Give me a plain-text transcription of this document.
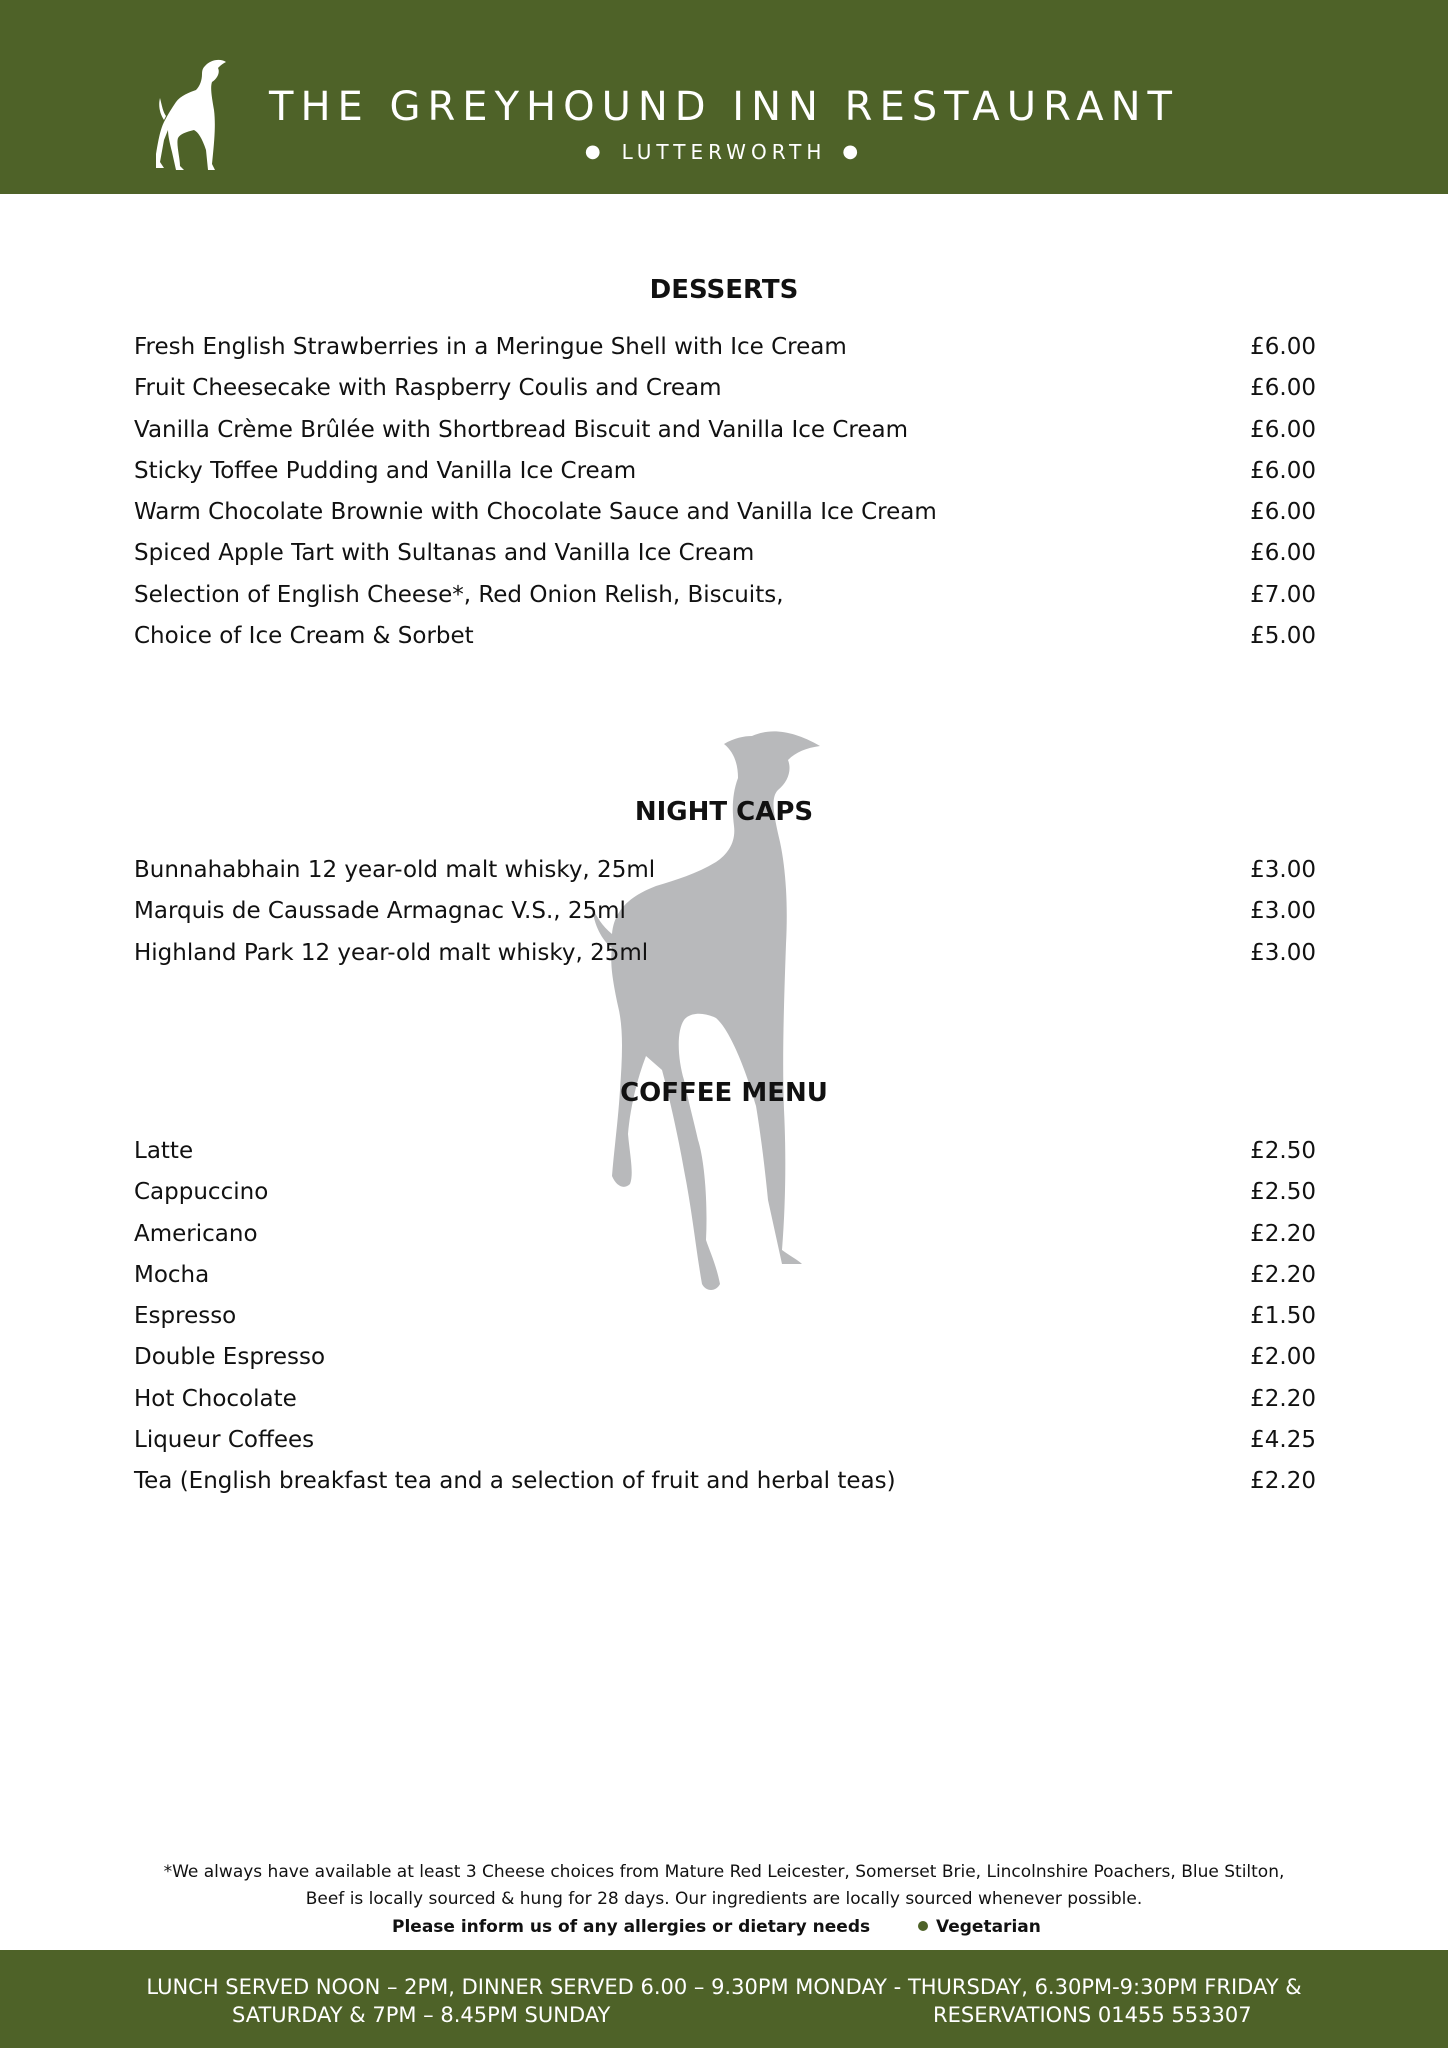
THE GREYHOUND INN RESTAURANT
● LUTTERWORTH ●
DESSERTS
Fresh English Strawberries in a Meringue Shell with Ice Cream	£6.00
Fruit Cheesecake with Raspberry Coulis and Cream	£6.00
Vanilla Crème Brûlée with Shortbread Biscuit and Vanilla Ice Cream	£6.00
Sticky Toffee Pudding and Vanilla Ice Cream	£6.00
Warm Chocolate Brownie with Chocolate Sauce and Vanilla Ice Cream	£6.00
Spiced Apple Tart with Sultanas and Vanilla Ice Cream	£6.00
Selection of English Cheese*, Red Onion Relish, Biscuits,	£7.00
Choice of Ice Cream & Sorbet	£5.00
NIGHT CAPS
Bunnahabhain 12 year-old malt whisky, 25ml	£3.00
Marquis de Caussade Armagnac V.S., 25ml	£3.00
Highland Park 12 year-old malt whisky, 25ml	£3.00
COFFEE MENU
Latte	£2.50
Cappuccino	£2.50
Americano	£2.20
Mocha	£2.20
Espresso	£1.50
Double Espresso	£2.00
Hot Chocolate	£2.20
Liqueur Coffees	£4.25
Tea (English breakfast tea and a selection of fruit and herbal teas)	£2.20
*We always have available at least 3 Cheese choices from Mature Red Leicester, Somerset Brie, Lincolnshire Poachers, Blue Stilton,
Beef is locally sourced & hung for 28 days. Our ingredients are locally sourced whenever possible.
Please inform us of any allergies or dietary needs	Vegetarian
LUNCH SERVED NOON – 2PM, DINNER SERVED 6.00 – 9.30PM MONDAY - THURSDAY, 6.30PM-9:30PM FRIDAY &
SATURDAY & 7PM – 8.45PM SUNDAY	RESERVATIONS 01455 553307
